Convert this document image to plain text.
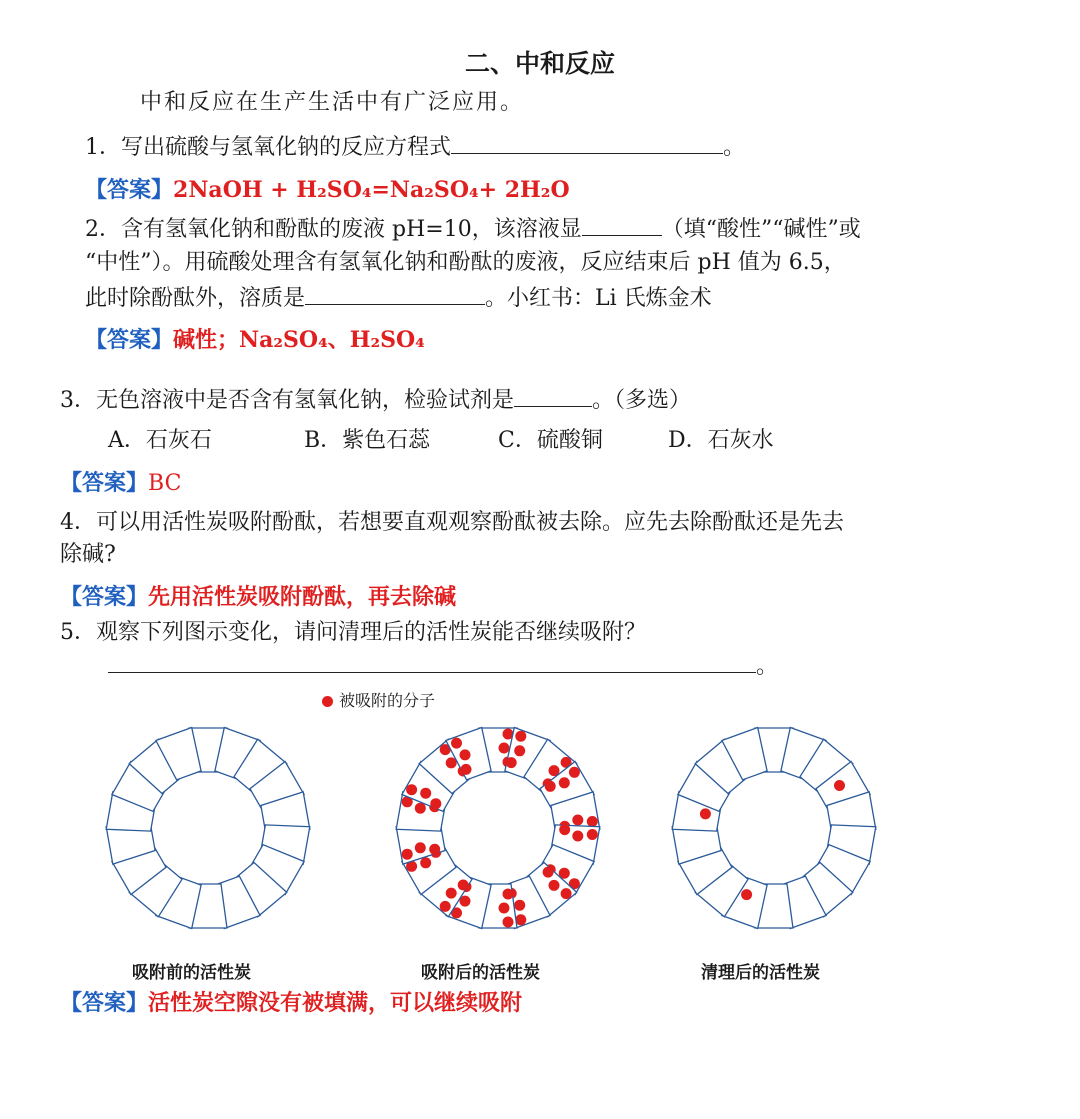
二、中和反应
中和反应在生产生活中有广泛应用。
1．写出硫酸与氢氧化钠的反应方程式	。
【答案】2NaOH + H₂SO₄=Na₂SO₄+ 2H₂O
2．含有氢氧化钠和酚酞的废液 pH=10，该溶液显	（填“酸性”“碱性”或
“中性”）。用硫酸处理含有氢氧化钠和酚酞的废液，反应结束后 pH 值为 6.5，
此时除酚酞外，溶质是	。小红书：Li 氏炼金术
【答案】碱性；Na₂SO₄、H₂SO₄
3．无色溶液中是否含有氢氧化钠，检验试剂是	。（多选）
A．石灰石	B．紫色石蕊	C．硫酸铜	D．石灰水
【答案】BC
4．可以用活性炭吸附酚酞，若想要直观观察酚酞被去除。应先去除酚酞还是先去
除碱?
【答案】先用活性炭吸附酚酞，再去除碱
5．观察下列图示变化，请问清理后的活性炭能否继续吸附？
。
被吸附的分子
吸附前的活性炭	吸附后的活性炭	清理后的活性炭
【答案】活性炭空隙没有被填满，可以继续吸附
